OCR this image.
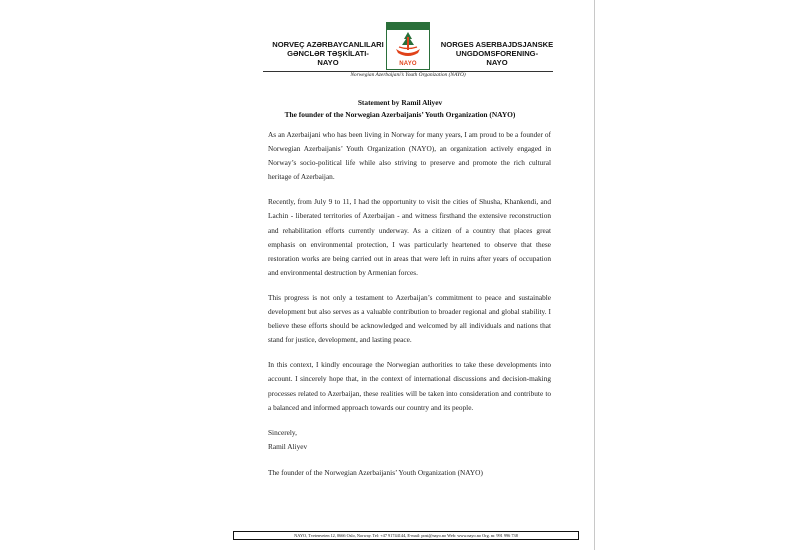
NORVEÇ AZƏRBAYCANLILARI
GƏNCLƏR TƏŞKİLATI-
NAYO	NAYO
NORGES ASERBAJDSJANSKE
UNGDOMSFORENING-
NAYO
Norwegian Azerbaijani’s Youth Organization (NAYO)
Statement by Ramil Aliyev
The founder of the Norwegian Azerbaijanis’ Youth Organization (NAYO)

As an Azerbaijani who has been living in Norway for many years, I am proud to be a founder of Norwegian Azerbaijanis’ Youth Organization (NAYO), an organization actively engaged in Norway’s socio-political life while also striving to preserve and promote the rich cultural heritage of Azerbaijan.

Recently, from July 9 to 11, I had the opportunity to visit the cities of Shusha, Khankendi, and Lachin - liberated territories of Azerbaijan - and witness firsthand the extensive reconstruction and rehabilitation efforts currently underway. As a citizen of a country that places great emphasis on environmental protection, I was particularly heartened to observe that these restoration works are being carried out in areas that were left in ruins after years of occupation and environmental destruction by Armenian forces.

This progress is not only a testament to Azerbaijan’s commitment to peace and sustainable development but also serves as a valuable contribution to broader regional and global stability. I believe these efforts should be acknowledged and welcomed by all individuals and nations that stand for justice, development, and lasting peace.

In this context, I kindly encourage the Norwegian authorities to take these developments into account. I sincerely hope that, in the context of international discussions and decision-making processes related to Azerbaijan, these realities will be taken into consideration and contribute to a balanced and informed approach towards our country and its people.

Sincerely,
Ramil Aliyev
The founder of the Norwegian Azerbaijanis’ Youth Organization (NAYO)
NAYO, Tvetenveien 12, 0666 Oslo, Norway. Tel: +47 91744144, E-mail: post@nayo.no Web: www.nayo.no Org. nr. 991 996 738
